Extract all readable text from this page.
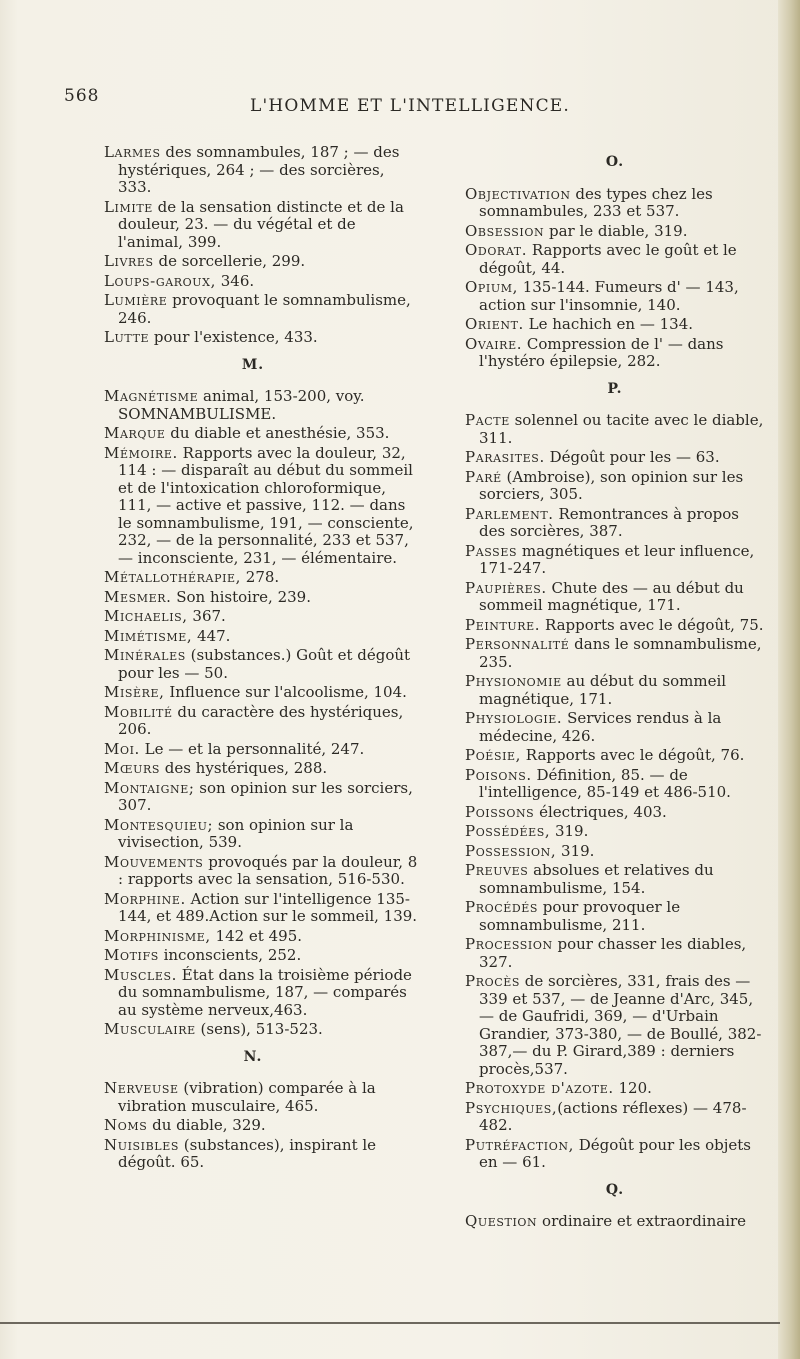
568	L'HOMME ET L'INTELLIGENCE.
Larmes des somnambules, 187 ; — des hystériques, 264 ; — des sorcières, 333.
Limite de la sensation distincte et de la douleur, 23. — du végétal et de l'animal, 399.
Livres de sorcellerie, 299.
Loups-garoux, 346.
Lumière provoquant le somnambulisme, 246.
Lutte pour l'existence, 433.
M.
Magnétisme animal, 153-200, voy. SOMNAMBULISME.
Marque du diable et anesthésie, 353.
Mémoire. Rapports avec la douleur, 32, 114 : — disparaît au début du sommeil et de l'intoxication chloroformique, 111, — active et passive, 112. — dans le somnambulisme, 191, — consciente, 232, — de la personnalité, 233 et 537, — inconsciente, 231, — élémentaire.
Métallothérapie, 278.
Mesmer. Son histoire, 239.
Michaelis, 367.
Mimétisme, 447.
Minérales (substances.) Goût et dégoût pour les — 50.
Misère, Influence sur l'alcoolisme, 104.
Mobilité du caractère des hystériques, 206.
Moi. Le — et la personnalité, 247.
Mœurs des hystériques, 288.
Montaigne; son opinion sur les sorciers, 307.
Montesquieu; son opinion sur la vivisection, 539.
Mouvements provoqués par la douleur, 8 : rapports avec la sensation, 516-530.
Morphine. Action sur l'intelligence 135-144, et 489.Action sur le sommeil, 139.
Morphinisme, 142 et 495.
Motifs inconscients, 252.
Muscles. État dans la troisième période du somnambulisme, 187, — comparés au système nerveux,463.
Musculaire (sens), 513-523.
N.
Nerveuse (vibration) comparée à la vibration musculaire, 465.
Noms du diable, 329.
Nuisibles (substances), inspirant le dégoût. 65.
O.
Objectivation des types chez les somnambules, 233 et 537.
Obsession par le diable, 319.
Odorat. Rapports avec le goût et le dégoût, 44.
Opium, 135-144. Fumeurs d' — 143, action sur l'insomnie, 140.
Orient. Le hachich en — 134.
Ovaire. Compression de l' — dans l'hystéro épilepsie, 282.
P.
Pacte solennel ou tacite avec le diable, 311.
Parasites. Dégoût pour les — 63.
Paré (Ambroise), son opinion sur les sorciers, 305.
Parlement. Remontrances à propos des sorcières, 387.
Passes magnétiques et leur influence, 171-247.
Paupières. Chute des — au début du sommeil magnétique, 171.
Peinture. Rapports avec le dégoût, 75.
Personnalité dans le somnambulisme, 235.
Physionomie au début du sommeil magnétique, 171.
Physiologie. Services rendus à la médecine, 426.
Poésie, Rapports avec le dégoût, 76.
Poisons. Définition, 85. — de l'intelligence, 85-149 et 486-510.
Poissons électriques, 403.
Possédées, 319.
Possession, 319.
Preuves absolues et relatives du somnambulisme, 154.
Procédés pour provoquer le somnambulisme, 211.
Procession pour chasser les diables, 327.
Procès de sorcières, 331, frais des — 339 et 537, — de Jeanne d'Arc, 345, — de Gaufridi, 369, — d'Urbain Grandier, 373-380, — de Boullé, 382-387,— du P. Girard,389 : derniers procès,537.
Protoxyde d'azote. 120.
Psychiques,(actions réflexes) — 478-482.
Putréfaction, Dégoût pour les objets en — 61.
Q.
Question ordinaire et extraordinaire
